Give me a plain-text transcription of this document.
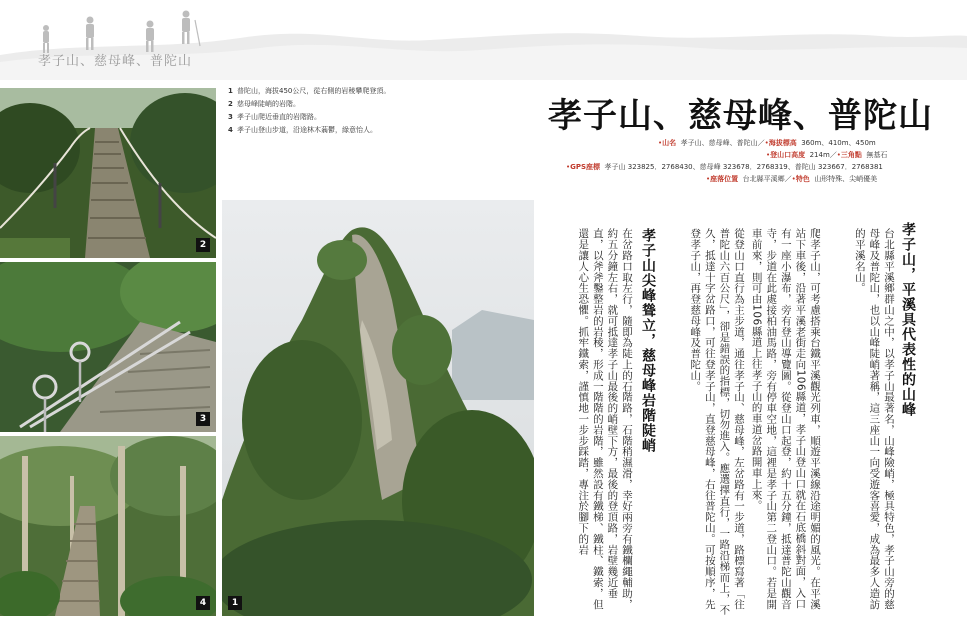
孝子山、慈母峰、普陀山
2
3
4	1
1 普陀山，海拔450公尺，從右側的岩稜攀爬登頂。
2 慈母峰陡峭的岩階。
3 孝子山爬近垂直的岩階路。
4 孝子山登山步道，沿途林木蓊鬱，綠意怡人。	孝子山、慈母峰、普陀山
•山名 孝子山、慈母峰、普陀山／•海拔標高 360m、410m、450m
•登山口高度 214m／•三角點 無基石
•GPS座標 孝子山 323825．2768430、慈母峰 323678．2768319、普陀山 323667．2768381
•座落位置 台北縣平溪鄉／•特色 山形特殊、尖峭優美
孝子山，平溪具代表性的山峰
台北縣平溪鄉群山之中，以孝子山最著名，山峰險峭，極具特色，孝子山旁的慈母峰及普陀山，也以山峰陡峭著稱，這三座山一向受遊客喜愛，成為最多人造訪的平溪名山。
爬孝子山，可考慮搭乘台鐵平溪觀光列車，順遊平溪線沿途明媚的風光。在平溪站下車後，沿著平溪老街走向106縣道，孝子山登山口就在石底橋斜對面，入口有一座小瀑布，旁有登山導覽圖。從登山口起登，約十五分鐘，抵達普陀山觀音寺，步道在此處接柏油馬路，旁有停車空地，這裡是孝子山第二登山口。若是開車前來，則可由106縣道上往孝子山的車道岔路開車上來。
從登山口直行為主步道，通往孝子山、慈母峰，左岔路有一步道，路標寫著「往普陀山六百公尺」，卻是錯誤的指標，切勿進入。應選擇直行，一路沿梯而上，不久，抵達十字岔路口，可往登孝子山，直登慈母峰，右往普陀山。可按順序，先登孝子山，再登慈母峰及普陀山。
孝子山尖峰聳立，慈母峰岩階陡峭
在岔路口取左行，隨即為陡上的石階路，石階稍濕滑，幸好兩旁有鐵欄繩輔助，約五分鐘左右，就可抵達孝子山最後的峭壁下方，最後的登頂路，岩壁幾近垂直，以斧斧鑿整岩的岩稜，形成一階階的岩階，雖然設有鐵梯、鐵柱、鐵索，但還是讓人心生恐懼。抓牢鐵索，謹慎地一步步踩踏，專注於腳下的岩
